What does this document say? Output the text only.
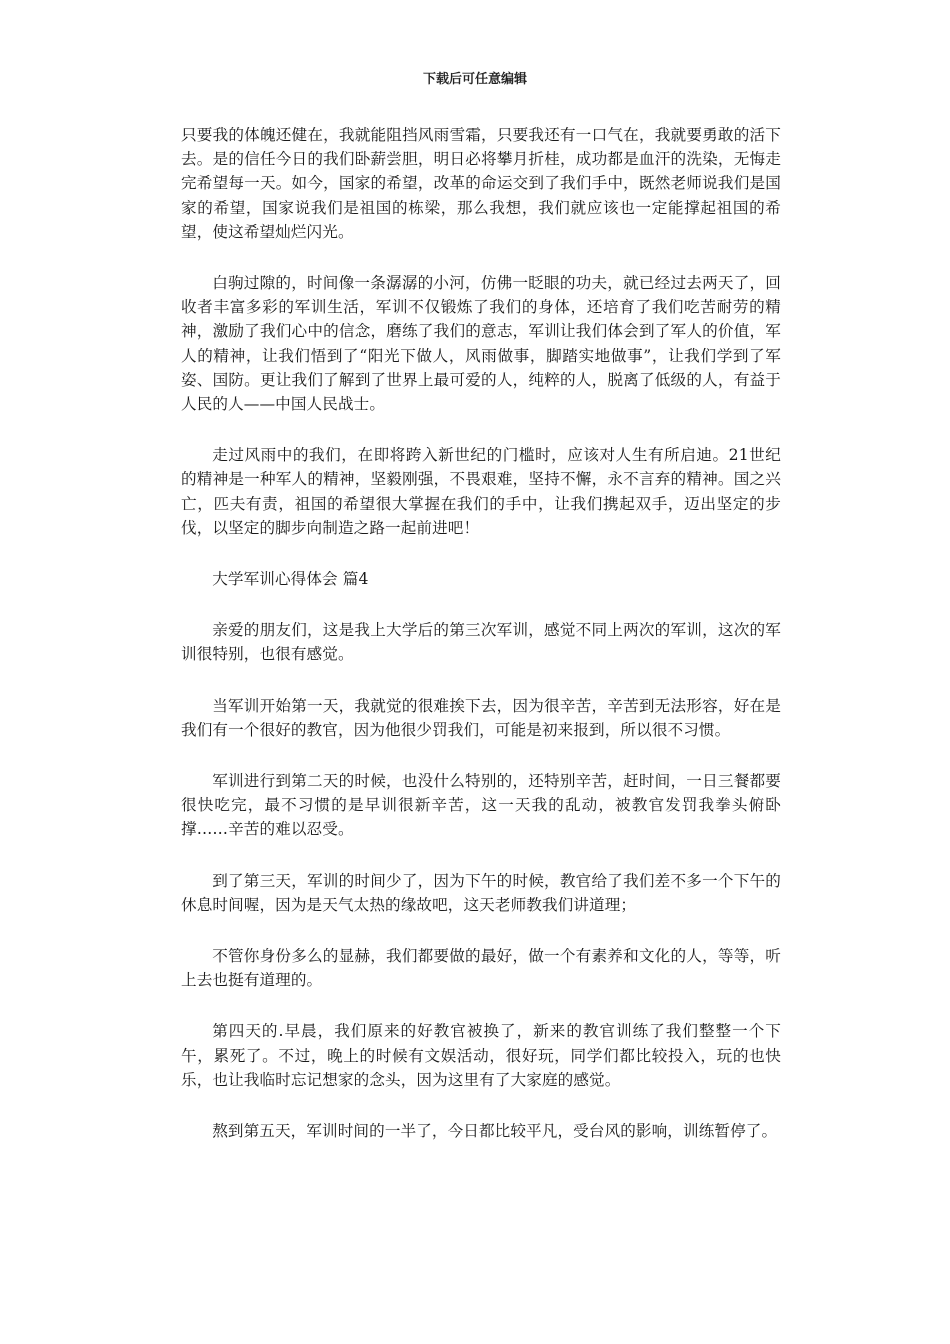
下载后可任意编辑

只要我的体魄还健在，我就能阻挡风雨雪霜，只要我还有一口气在，我就要勇敢的活下去。是的信任今日的我们卧薪尝胆，明日必将攀月折桂，成功都是血汗的洗染，无悔走完希望每一天。如今，国家的希望，改革的命运交到了我们手中，既然老师说我们是国家的希望，国家说我们是祖国的栋梁，那么我想，我们就应该也一定能撑起祖国的希望，使这希望灿烂闪光。

白驹过隙的，时间像一条潺潺的小河，仿佛一眨眼的功夫，就已经过去两天了，回收者丰富多彩的军训生活，军训不仅锻炼了我们的身体，还培育了我们吃苦耐劳的精神，激励了我们心中的信念，磨练了我们的意志，军训让我们体会到了军人的价值，军人的精神，让我们悟到了“阳光下做人，风雨做事，脚踏实地做事”，让我们学到了军姿、国防。更让我们了解到了世界上最可爱的人，纯粹的人，脱离了低级的人，有益于人民的人——中国人民战士。

走过风雨中的我们，在即将跨入新世纪的门槛时，应该对人生有所启迪。21世纪的精神是一种军人的精神，坚毅刚强，不畏艰难，坚持不懈，永不言弃的精神。国之兴亡，匹夫有责，祖国的希望很大掌握在我们的手中，让我们携起双手，迈出坚定的步伐，以坚定的脚步向制造之路一起前进吧！

大学军训心得体会 篇4

亲爱的朋友们，这是我上大学后的第三次军训，感觉不同上两次的军训，这次的军训很特别，也很有感觉。

当军训开始第一天，我就觉的很难挨下去，因为很辛苦，辛苦到无法形容，好在是我们有一个很好的教官，因为他很少罚我们，可能是初来报到，所以很不习惯。

军训进行到第二天的时候，也没什么特别的，还特别辛苦，赶时间，一日三餐都要很快吃完，最不习惯的是早训很新辛苦，这一天我的乱动，被教官发罚我拳头俯卧撑……辛苦的难以忍受。

到了第三天，军训的时间少了，因为下午的时候，教官给了我们差不多一个下午的休息时间喔，因为是天气太热的缘故吧，这天老师教我们讲道理；

不管你身份多么的显赫，我们都要做的最好，做一个有素养和文化的人，等等，听上去也挺有道理的。

第四天的.早晨，我们原来的好教官被换了，新来的教官训练了我们整整一个下午，累死了。不过，晚上的时候有文娱活动，很好玩，同学们都比较投入，玩的也快乐，也让我临时忘记想家的念头，因为这里有了大家庭的感觉。

熬到第五天，军训时间的一半了，今日都比较平凡，受台风的影响，训练暂停了。
